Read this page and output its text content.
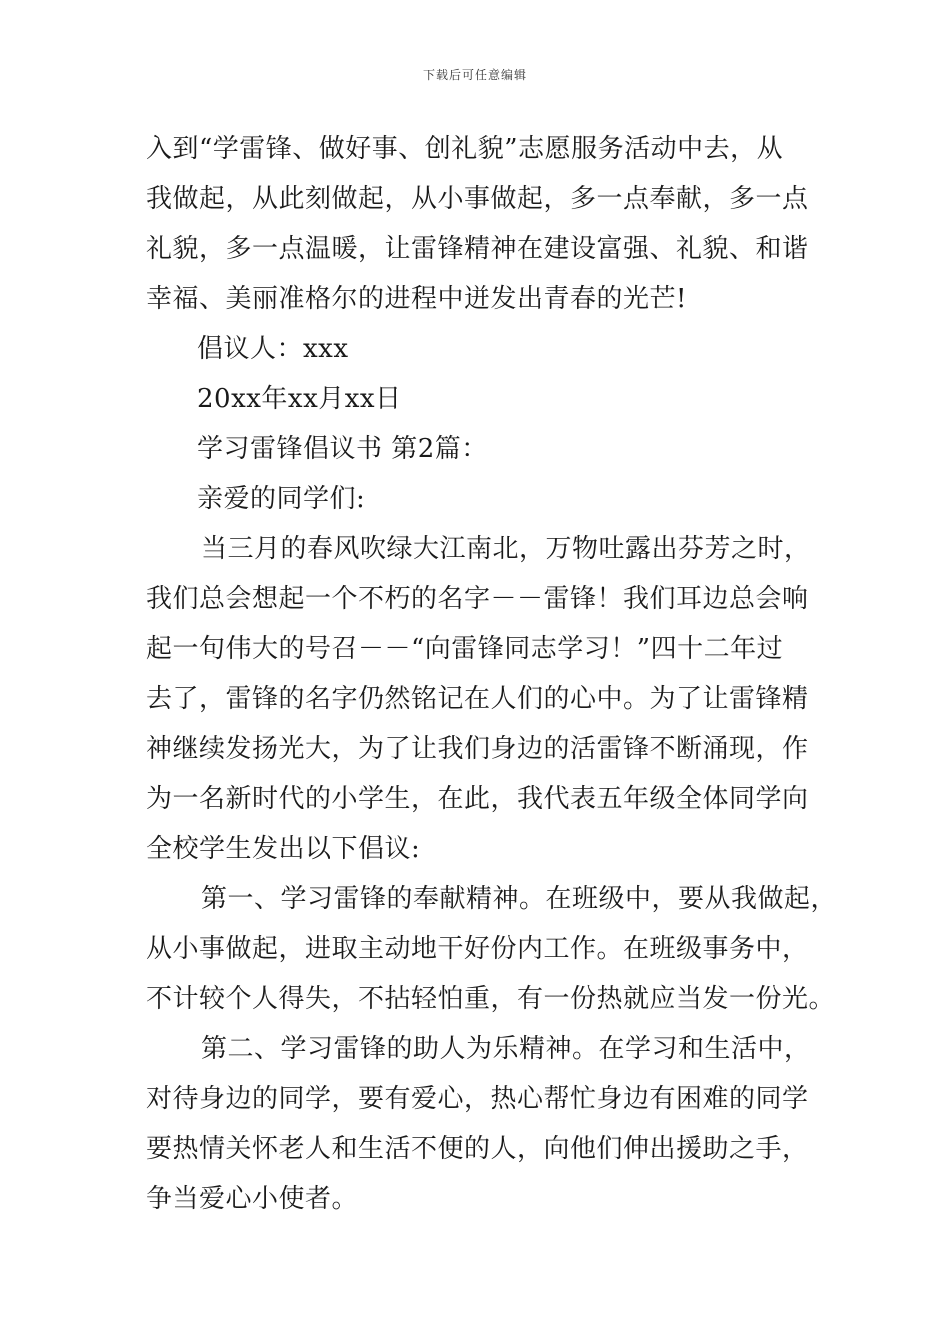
下载后可任意编辑
入到“学雷锋、做好事、创礼貌”志愿服务活动中去，从
我做起，从此刻做起，从小事做起，多一点奉献，多一点
礼貌，多一点温暖，让雷锋精神在建设富强、礼貌、和谐
幸福、美丽准格尔的进程中迸发出青春的光芒!
倡议人：xxx
20xx年xx月xx日
学习雷锋倡议书 第2篇：
亲爱的同学们:
当三月的春风吹绿大江南北，万物吐露出芬芳之时，
我们总会想起一个不朽的名字－－雷锋！我们耳边总会响
起一句伟大的号召－－“向雷锋同志学习！”四十二年过
去了，雷锋的名字仍然铭记在人们的心中。为了让雷锋精
神继续发扬光大，为了让我们身边的活雷锋不断涌现，作
为一名新时代的小学生，在此，我代表五年级全体同学向
全校学生发出以下倡议:
第一、学习雷锋的奉献精神。在班级中，要从我做起，
从小事做起，进取主动地干好份内工作。在班级事务中，
不计较个人得失，不拈轻怕重，有一份热就应当发一份光。
第二、学习雷锋的助人为乐精神。在学习和生活中，
对待身边的同学，要有爱心，热心帮忙身边有困难的同学
要热情关怀老人和生活不便的人，向他们伸出援助之手，
争当爱心小使者。
